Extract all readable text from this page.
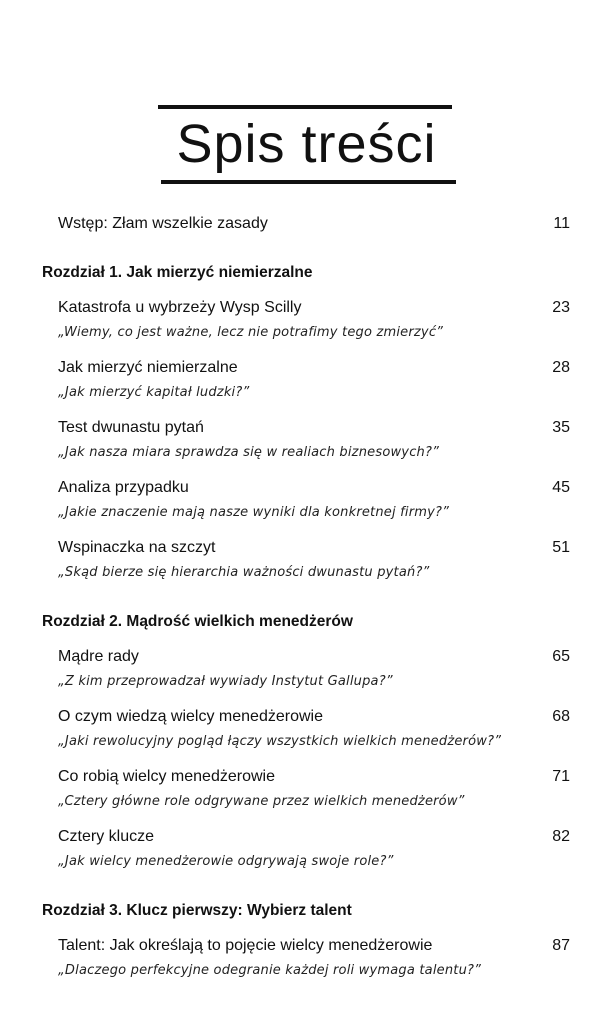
Spis treści
Wstęp: Złam wszelkie zasady	11
Rozdział 1. Jak mierzyć niemierzalne
Katastrofa u wybrzeży Wysp Scilly	23
„Wiemy, co jest ważne, lecz nie potrafimy tego zmierzyć”
Jak mierzyć niemierzalne	28
„Jak mierzyć kapitał ludzki?”
Test dwunastu pytań	35
„Jak nasza miara sprawdza się w realiach biznesowych?”
Analiza przypadku	45
„Jakie znaczenie mają nasze wyniki dla konkretnej firmy?”
Wspinaczka na szczyt	51
„Skąd bierze się hierarchia ważności dwunastu pytań?”
Rozdział 2. Mądrość wielkich menedżerów
Mądre rady	65
„Z kim przeprowadzał wywiady Instytut Gallupa?”
O czym wiedzą wielcy menedżerowie	68
„Jaki rewolucyjny pogląd łączy wszystkich wielkich menedżerów?”
Co robią wielcy menedżerowie	71
„Cztery główne role odgrywane przez wielkich menedżerów”
Cztery klucze	82
„Jak wielcy menedżerowie odgrywają swoje role?”
Rozdział 3. Klucz pierwszy: Wybierz talent
Talent: Jak określają to pojęcie wielcy menedżerowie	87
„Dlaczego perfekcyjne odegranie każdej roli wymaga talentu?”
